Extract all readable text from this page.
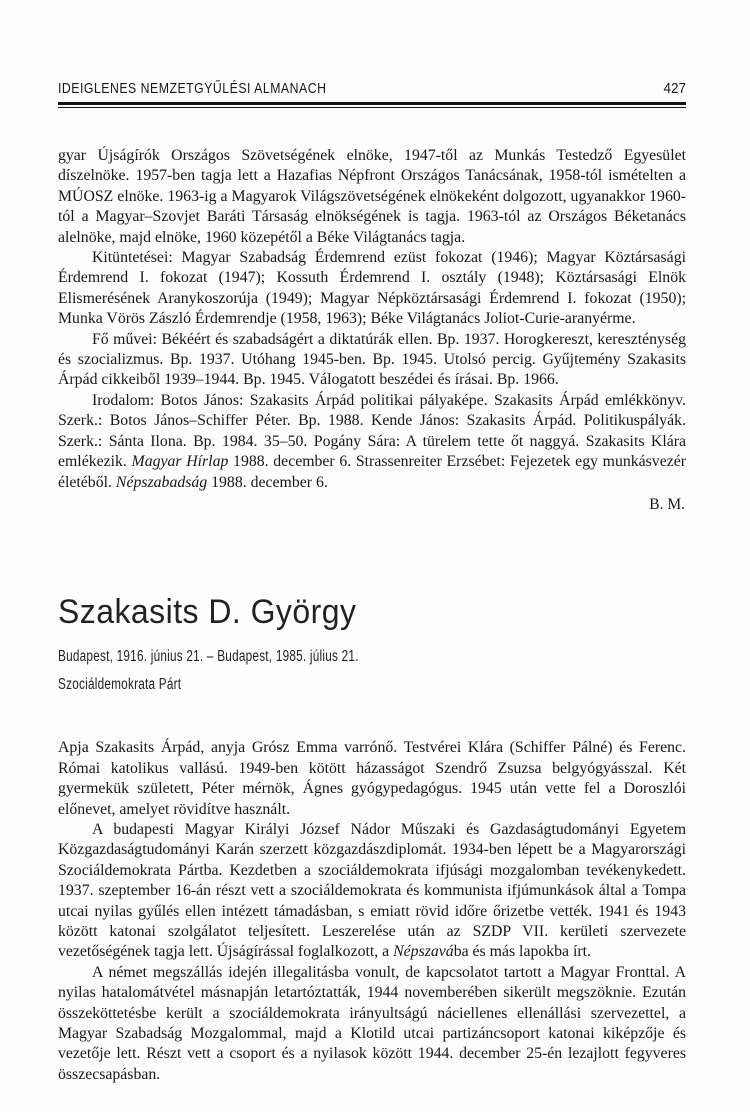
IDEIGLENES NEMZETGYŰLÉSI ALMANACH	427

gyar Újságírók Országos Szövetségének elnöke, 1947-től az Munkás Testedző Egyesület díszelnöke. 1957-ben tagja lett a Hazafias Népfront Országos Tanácsának, 1958-tól ismételten a MÚOSZ elnöke. 1963-ig a Magyarok Világszövetségének elnökeként dolgozott, ugyanakkor 1960-tól a Magyar–Szovjet Baráti Társaság elnökségének is tagja. 1963-tól az Országos Béketanács alelnöke, majd elnöke, 1960 közepétől a Béke Világtanács tagja.

Kitüntetései: Magyar Szabadság Érdemrend ezüst fokozat (1946); Magyar Köztársasági Érdemrend I. fokozat (1947); Kossuth Érdemrend I. osztály (1948); Köztársasági Elnök Elismerésének Aranykoszorúja (1949); Magyar Népköztársasági Érdemrend I. fokozat (1950); Munka Vörös Zászló Érdemrendje (1958, 1963); Béke Világtanács Joliot-Curie-aranyérme.

Fő művei: Békéért és szabadságért a diktatúrák ellen. Bp. 1937. Horogkereszt, kereszténység és szocializmus. Bp. 1937. Utóhang 1945-ben. Bp. 1945. Utolsó percig. Gyűjtemény Szakasits Árpád cikkeiből 1939–1944. Bp. 1945. Válogatott beszédei és írásai. Bp. 1966.

Irodalom: Botos János: Szakasits Árpád politikai pályaképe. Szakasits Árpád emlékkönyv. Szerk.: Botos János–Schiffer Péter. Bp. 1988. Kende János: Szakasits Árpád. Politikuspályák. Szerk.: Sánta Ilona. Bp. 1984. 35–50. Pogány Sára: A türelem tette őt naggyá. Szakasits Klára emlékezik. Magyar Hírlap 1988. december 6. Strassenreiter Erzsébet: Fejezetek egy munkásvezér életéből. Népszabadság 1988. december 6.

B. M.
Szakasits D. György
Budapest, 1916. június 21. – Budapest, 1985. július 21.
Szociáldemokrata Párt

Apja Szakasits Árpád, anyja Grósz Emma varrónő. Testvérei Klára (Schiffer Pálné) és Ferenc. Római katolikus vallású. 1949-ben kötött házasságot Szendrő Zsuzsa belgyógyásszal. Két gyermekük született, Péter mérnök, Ágnes gyógypedagógus. 1945 után vette fel a Doroszlói előnevet, amelyet rövidítve használt.

A budapesti Magyar Királyi József Nádor Műszaki és Gazdaságtudományi Egyetem Közgazdaságtudományi Karán szerzett közgazdászdiplomát. 1934-ben lépett be a Magyarországi Szociáldemokrata Pártba. Kezdetben a szociáldemokrata ifjúsági mozgalomban tevékenykedett. 1937. szeptember 16-án részt vett a szociáldemokrata és kommunista ifjúmunkások által a Tompa utcai nyilas gyűlés ellen intézett támadásban, s emiatt rövid időre őrizetbe vették. 1941 és 1943 között katonai szolgálatot teljesített. Leszerelése után az SZDP VII. kerületi szervezete vezetőségének tagja lett. Újságírással foglalkozott, a Népszavába és más lapokba írt.

A német megszállás idején illegalitásba vonult, de kapcsolatot tartott a Magyar Fronttal. A nyilas hatalomátvétel másnapján letartóztatták, 1944 novemberében sikerült megszöknie. Ezután összeköttetésbe került a szociáldemokrata irányultságú náciellenes ellenállási szervezettel, a Magyar Szabadság Mozgalommal, majd a Klotild utcai partizáncsoport katonai kiképzője és vezetője lett. Részt vett a csoport és a nyilasok között 1944. december 25-én lezajlott fegyveres összecsapásban.
